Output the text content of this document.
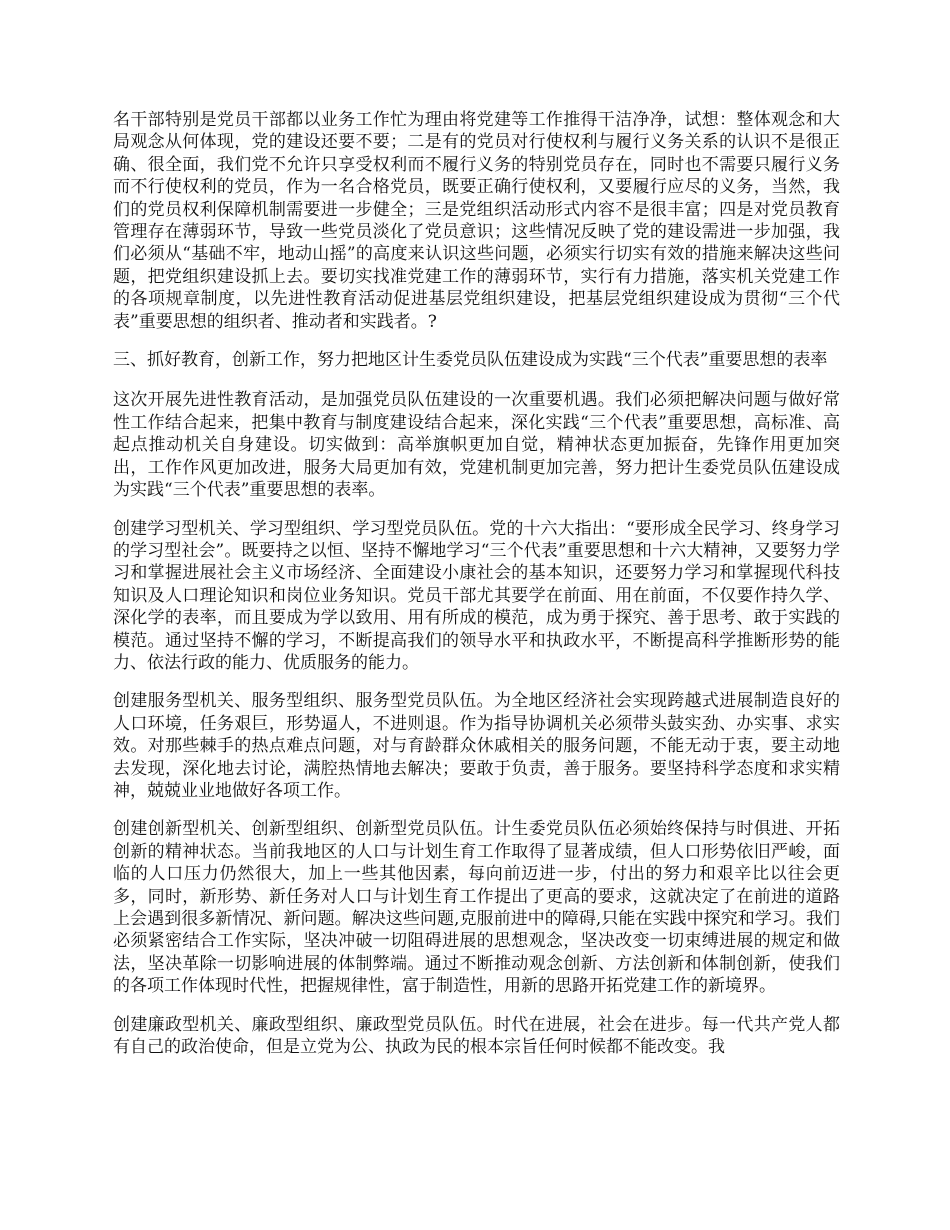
名干部特别是党员干部都以业务工作忙为理由将党建等工作推得干洁净净，试想：整体观念和大局观念从何体现，党的建设还要不要；二是有的党员对行使权利与履行义务关系的认识不是很正确、很全面，我们党不允许只享受权利而不履行义务的特别党员存在，同时也不需要只履行义务而不行使权利的党员，作为一名合格党员，既要正确行使权利，又要履行应尽的义务，当然，我们的党员权利保障机制需要进一步健全；三是党组织活动形式内容不是很丰富；四是对党员教育管理存在薄弱环节，导致一些党员淡化了党员意识；这些情况反映了党的建设需进一步加强，我们必须从“基础不牢，地动山摇”的高度来认识这些问题，必须实行切实有效的措施来解决这些问题，把党组织建设抓上去。要切实找准党建工作的薄弱环节，实行有力措施，落实机关党建工作的各项规章制度，以先进性教育活动促进基层党组织建设，把基层党组织建设成为贯彻“三个代表”重要思想的组织者、推动者和实践者。?

三、抓好教育，创新工作，努力把地区计生委党员队伍建设成为实践“三个代表”重要思想的表率

这次开展先进性教育活动，是加强党员队伍建设的一次重要机遇。我们必须把解决问题与做好常性工作结合起来，把集中教育与制度建设结合起来，深化实践“三个代表”重要思想，高标准、高起点推动机关自身建设。切实做到：高举旗帜更加自觉，精神状态更加振奋，先锋作用更加突出，工作作风更加改进，服务大局更加有效，党建机制更加完善，努力把计生委党员队伍建设成为实践“三个代表”重要思想的表率。

创建学习型机关、学习型组织、学习型党员队伍。党的十六大指出：“要形成全民学习、终身学习的学习型社会”。既要持之以恒、坚持不懈地学习“三个代表”重要思想和十六大精神，又要努力学习和掌握进展社会主义市场经济、全面建设小康社会的基本知识，还要努力学习和掌握现代科技知识及人口理论知识和岗位业务知识。党员干部尤其要学在前面、用在前面，不仅要作持久学、深化学的表率，而且要成为学以致用、用有所成的模范，成为勇于探究、善于思考、敢于实践的模范。通过坚持不懈的学习，不断提高我们的领导水平和执政水平，不断提高科学推断形势的能力、依法行政的能力、优质服务的能力。

创建服务型机关、服务型组织、服务型党员队伍。为全地区经济社会实现跨越式进展制造良好的人口环境，任务艰巨，形势逼人，不进则退。作为指导协调机关必须带头鼓实劲、办实事、求实效。对那些棘手的热点难点问题，对与育龄群众休戚相关的服务问题，不能无动于衷，要主动地去发现，深化地去讨论，满腔热情地去解决；要敢于负责，善于服务。要坚持科学态度和求实精神，兢兢业业地做好各项工作。

创建创新型机关、创新型组织、创新型党员队伍。计生委党员队伍必须始终保持与时俱进、开拓创新的精神状态。当前我地区的人口与计划生育工作取得了显著成绩，但人口形势依旧严峻，面临的人口压力仍然很大，加上一些其他因素，每向前迈进一步，付出的努力和艰辛比以往会更多，同时，新形势、新任务对人口与计划生育工作提出了更高的要求，这就决定了在前进的道路上会遇到很多新情况、新问题。解决这些问题,克服前进中的障碍,只能在实践中探究和学习。我们必须紧密结合工作实际，坚决冲破一切阻碍进展的思想观念，坚决改变一切束缚进展的规定和做法，坚决革除一切影响进展的体制弊端。通过不断推动观念创新、方法创新和体制创新，使我们的各项工作体现时代性，把握规律性，富于制造性，用新的思路开拓党建工作的新境界。

创建廉政型机关、廉政型组织、廉政型党员队伍。时代在进展，社会在进步。每一代共产党人都有自己的政治使命，但是立党为公、执政为民的根本宗旨任何时候都不能改变。我
